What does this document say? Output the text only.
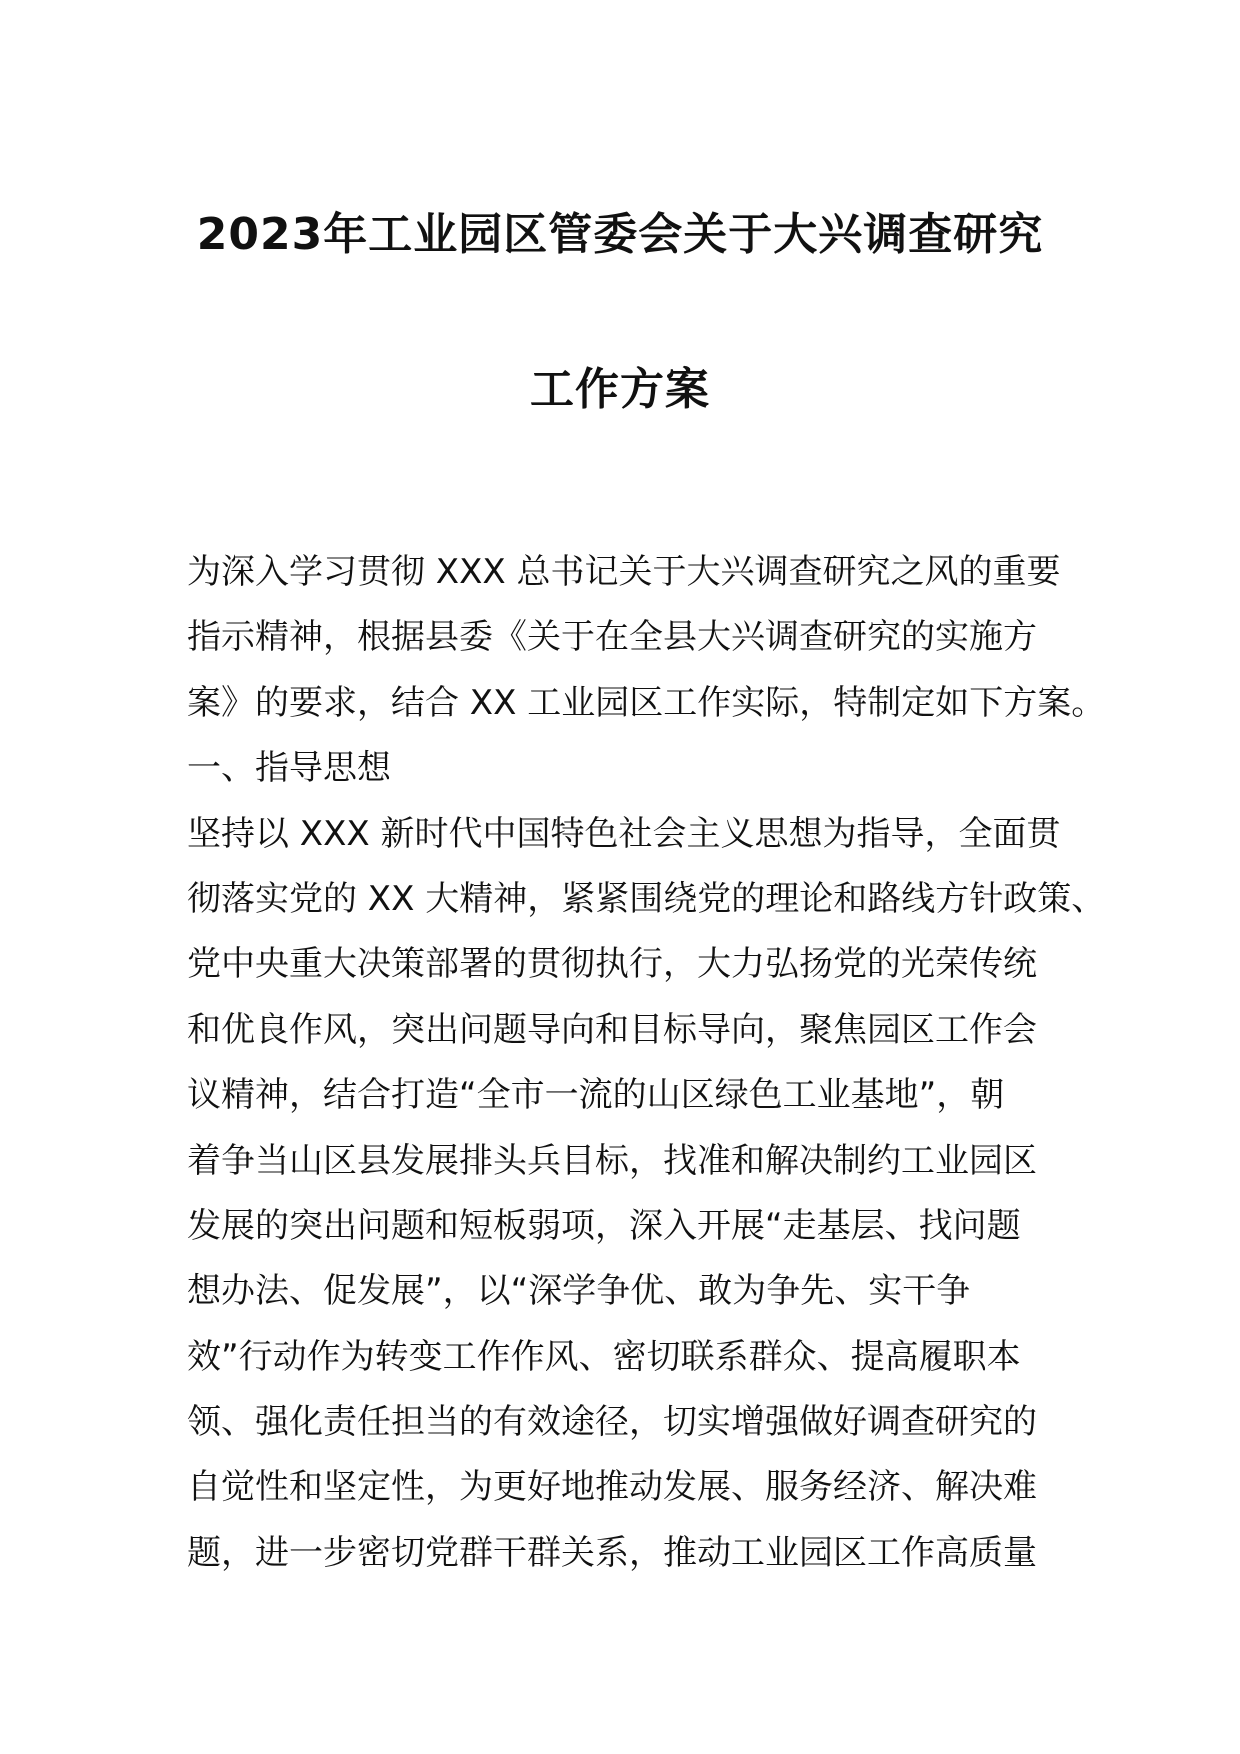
2023年工业园区管委会关于大兴调查研究
工作方案
为深入学习贯彻 XXX 总书记关于大兴调查研究之风的重要
指示精神，根据县委《关于在全县大兴调查研究的实施方
案》的要求，结合 XX 工业园区工作实际，特制定如下方案。
一、指导思想
坚持以 XXX 新时代中国特色社会主义思想为指导，全面贯
彻落实党的 XX 大精神，紧紧围绕党的理论和路线方针政策、
党中央重大决策部署的贯彻执行，大力弘扬党的光荣传统
和优良作风，突出问题导向和目标导向，聚焦园区工作会
议精神，结合打造“全市一流的山区绿色工业基地”，朝
着争当山区县发展排头兵目标，找准和解决制约工业园区
发展的突出问题和短板弱项，深入开展“走基层、找问题
想办法、促发展”，以“深学争优、敢为争先、实干争
效”行动作为转变工作作风、密切联系群众、提高履职本
领、强化责任担当的有效途径，切实增强做好调查研究的
自觉性和坚定性，为更好地推动发展、服务经济、解决难
题，进一步密切党群干群关系，推动工业园区工作高质量
